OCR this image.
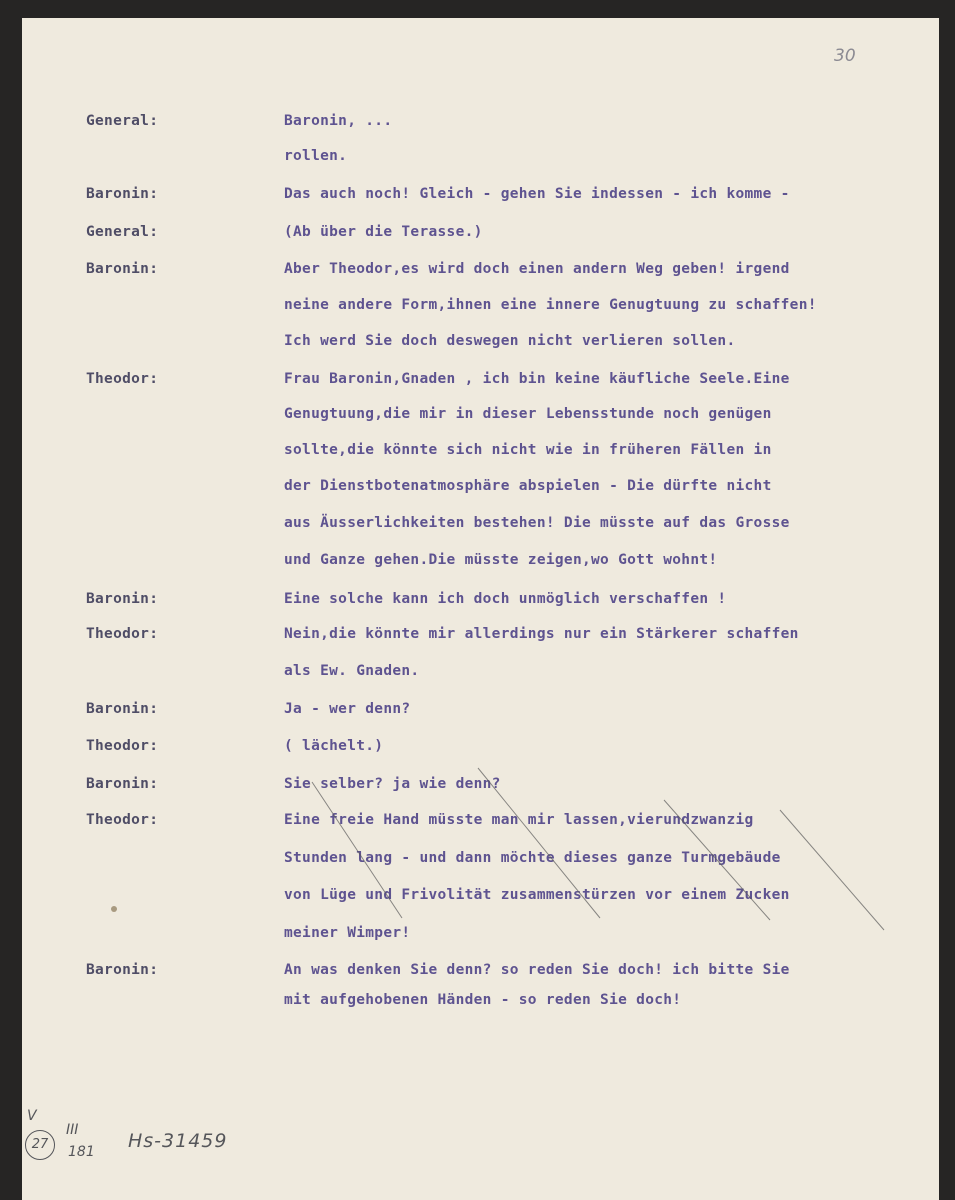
30
General:	Baronin, ...
rollen.
Baronin:	Das auch noch! Gleich - gehen Sie indessen - ich komme -
General:	(Ab über die Terasse.)
Baronin:	Aber Theodor,es wird doch einen andern Weg geben! irgend
neine andere Form,ihnen eine innere Genugtuung zu schaffen!
Ich werd Sie doch deswegen nicht verlieren sollen.
Theodor:	Frau Baronin,Gnaden , ich bin keine käufliche Seele.Eine
Genugtuung,die mir in dieser Lebensstunde noch genügen
sollte,die könnte sich nicht wie in früheren Fällen in
der Dienstbotenatmosphäre abspielen - Die dürfte nicht
aus Äusserlichkeiten bestehen! Die müsste auf das Grosse
und Ganze gehen.Die müsste zeigen,wo Gott wohnt!
Baronin:	Eine solche kann ich doch unmöglich verschaffen !
Theodor:	Nein,die könnte mir allerdings nur ein Stärkerer schaffen
als Ew. Gnaden.
Baronin:	Ja - wer denn?
Theodor:	( lächelt.)
Baronin:	Sie selber? ja wie denn?
Theodor:	Eine freie Hand müsste man mir lassen,vierundzwanzig
Stunden lang - und dann möchte dieses ganze Turmgebäude
von Lüge und Frivolität zusammenstürzen vor einem Zucken
meiner Wimper!
Baronin:	An was denken Sie denn? so reden Sie doch! ich bitte Sie
mit aufgehobenen Händen - so reden Sie doch!
V
III
27	181 Hs-31459
